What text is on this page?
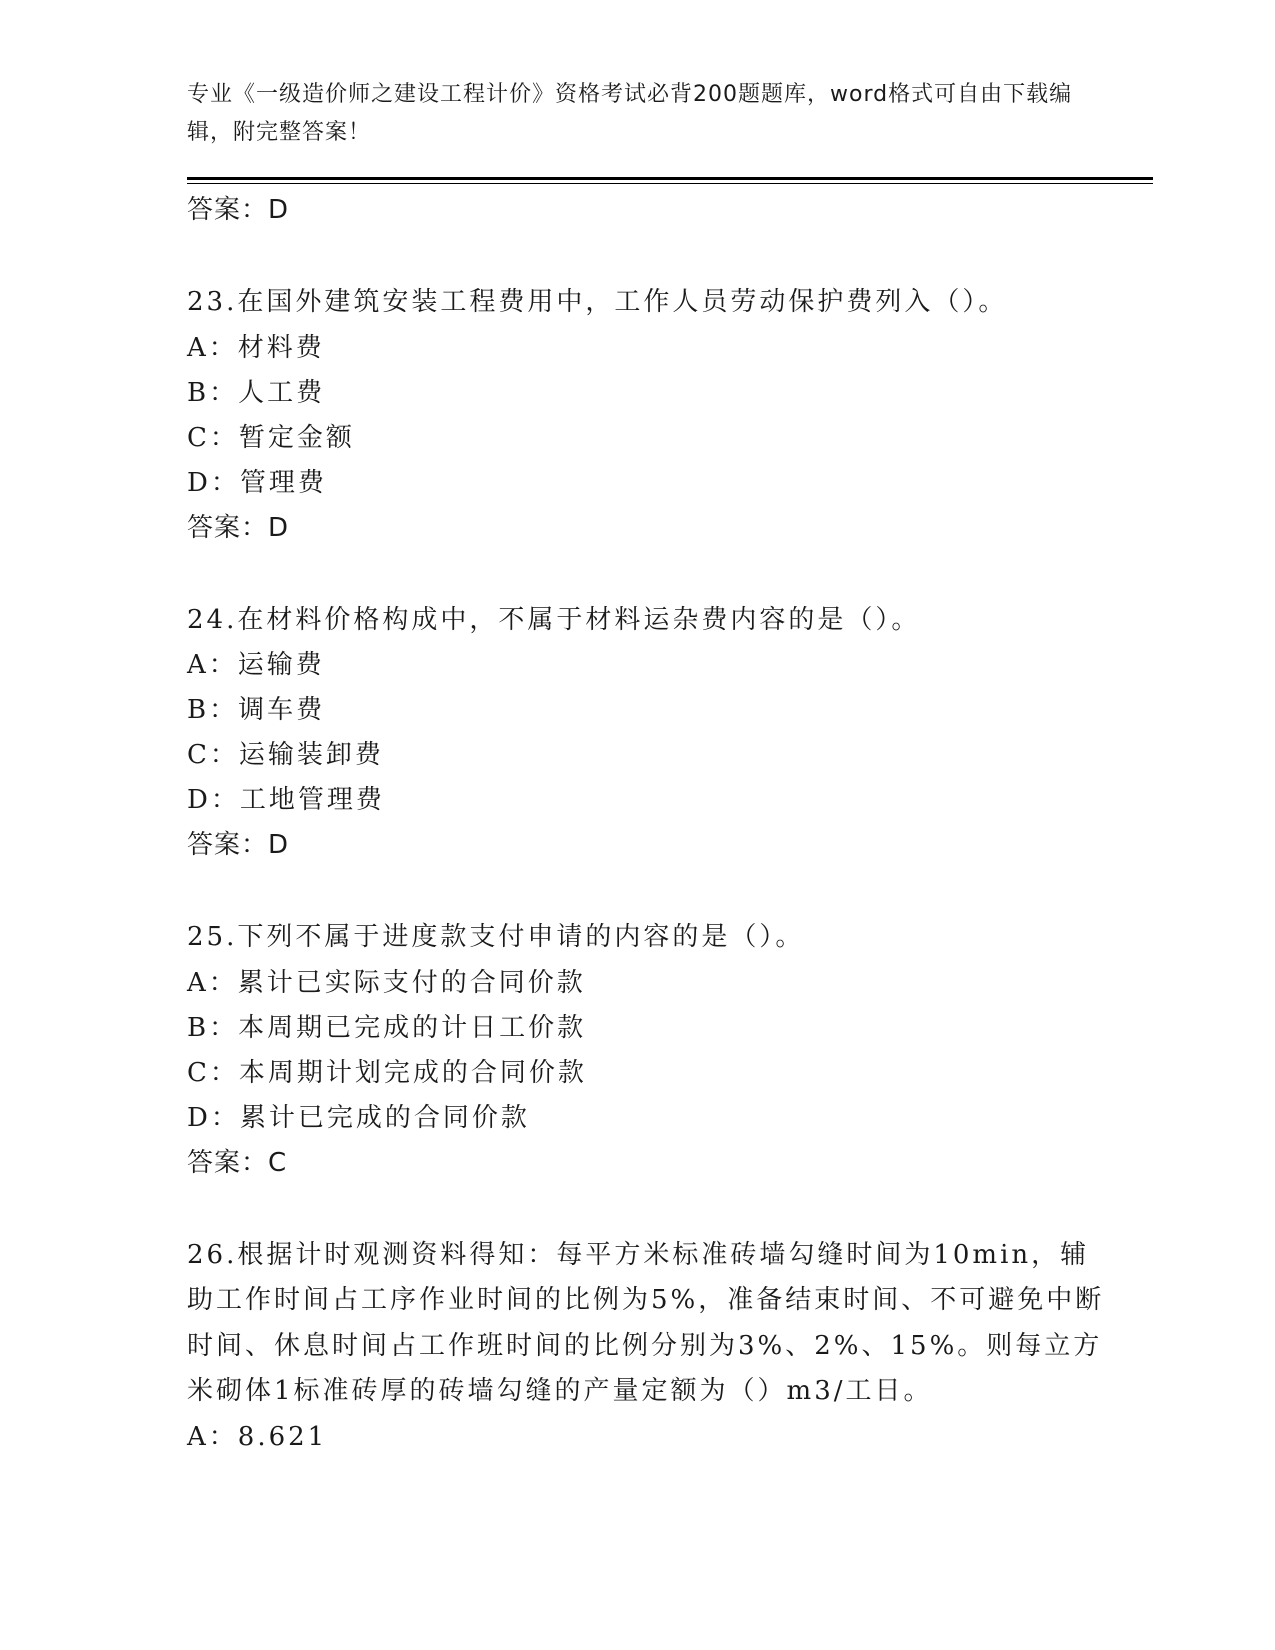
专业《一级造价师之建设工程计价》资格考试必背200题题库，word格式可自由下载编辑，附完整答案！
答案：D
23.在国外建筑安装工程费用中，工作人员劳动保护费列入（）。
A：材料费
B：人工费
C：暂定金额
D：管理费
答案：D
24.在材料价格构成中，不属于材料运杂费内容的是（）。
A：运输费
B：调车费
C：运输装卸费
D：工地管理费
答案：D
25.下列不属于进度款支付申请的内容的是（）。
A：累计已实际支付的合同价款
B：本周期已完成的计日工价款
C：本周期计划完成的合同价款
D：累计已完成的合同价款
答案：C
26.根据计时观测资料得知：每平方米标准砖墙勾缝时间为10min，辅助工作时间占工序作业时间的比例为5%，准备结束时间、不可避免中断时间、休息时间占工作班时间的比例分别为3%、2%、15%。则每立方米砌体1标准砖厚的砖墙勾缝的产量定额为（）m3/工日。
A：8.621
